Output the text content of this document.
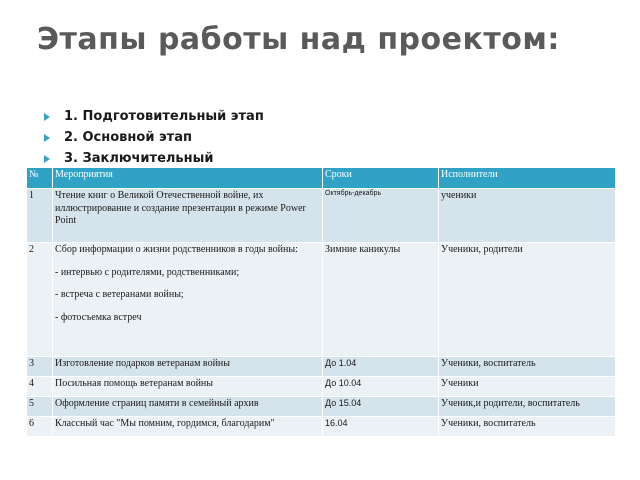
Этапы работы над проектом:
1. Подготовительный этап
2. Основной этап
3. Заключительный
№	Мероприятия	Сроки	Исполнители
1	Чтение книг о Великой Отечественной войне, их иллюстрирование и создание презентации в режиме Power Point	Октябрь-декабрь	ученики
2	Сбор информации о жизни родственников в годы войны:
- интервью с родителями, родственниками;
- встреча с ветеранами войны;
- фотосъемка встреч	Зимние каникулы	Ученики, родители
3	Изготовление подарков ветеранам войны	До 1.04	Ученики, воспитатель
4	Посильная помощь ветеранам войны	До 10.04	Ученики
5	Оформление страниц памяти в семейный архив	До 15.04	Ученик,и родители, воспитатель
6	Классный час "Мы помним, гордимся, благодарим"	16.04	Ученики, воспитатель
